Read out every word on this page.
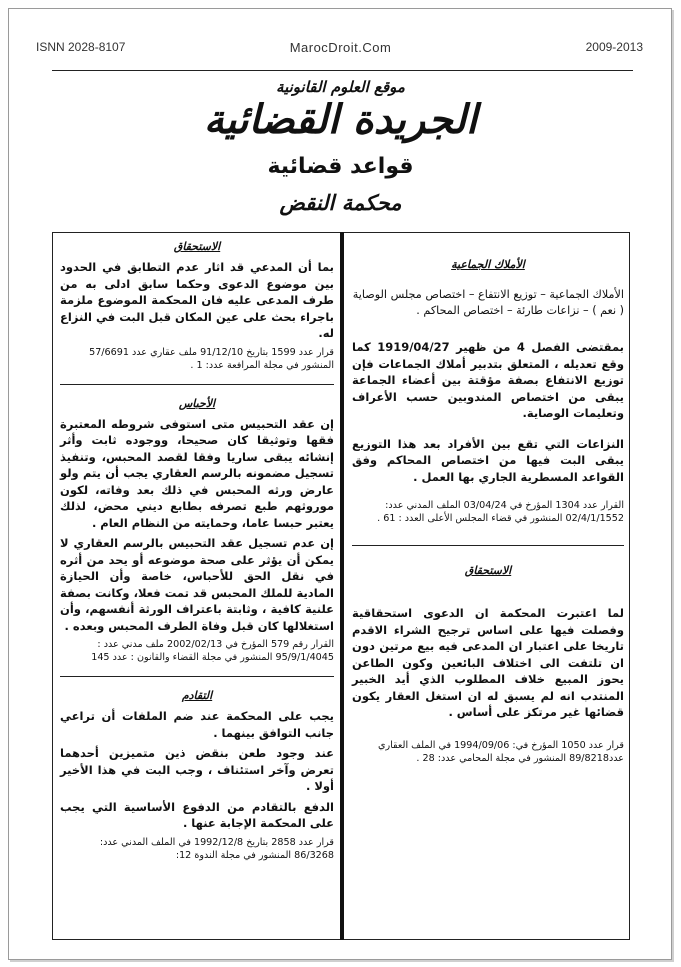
ISNN 2028-8107	MarocDroit.Com	2009-2013
موقع العلوم القانونية
الجريدة القضائية
قواعد قضائية
محكمة النقض
الأملاك الجماعية

الأملاك الجماعية – توزيع الانتفاع – اختصاص مجلس الوصاية ( نعم ) – نزاعات طارئة – اختصاص المحاكم .

بمقتضى الفصل 4 من ظهير 1919/04/27 كما وقع تعديله ، المتعلق بتدبير أملاك الجماعات فإن توزيع الانتفاع بصفة مؤقتة بين أعضاء الجماعة يبقى من اختصاص المندوبين حسب الأعراف وتعليمات الوصاية.

النزاعات التي تقع بين الأفراد بعد هذا التوزيع يبقى البت فيها من اختصاص المحاكم وفق القواعد المسطرية الجاري بها العمل .

القرار عدد 1304 المؤرخ في 03/04/24 الملف المدني عدد:

02/4/1/1552 المنشور في قضاء المجلس الأعلى العدد : 61 .

الاستحقاق

لما اعتبرت المحكمة ان الدعوى استحقاقية وفصلت فيها على اساس ترجيح الشراء الاقدم تاريخا على اعتبار ان المدعى فيه بيع مرتين دون ان تلتفت الى اختلاف البائعين وكون الطاعن يحوز المبيع خلاف المطلوب الذي أيد الخبير المنتدب انه لم يسبق له ان استغل العقار يكون قضائها غير مرتكز على أساس .

قرار عدد 1050 المؤرخ في: 1994/09/06 في الملف العقاري

عدد89/8218 المنشور في مجلة المحامي عدد: 28 .

الاستحقاق

بما أن المدعي قد اثار عدم التطابق في الحدود بين موضوع الدعوى وحكما سابق ادلى به من طرف المدعى عليه فان المحكمة الموضوع ملزمة باجراء بحث على عين المكان قبل البت في النزاع له.

قرار عدد 1599 بتاريخ 91/12/10 ملف عقاري عدد 57/6691

المنشور في مجلة المرافعة عدد: 1 .

الأحباس

إن عقد التحبيس متى استوفى شروطه المعتبرة فقها وتوثيقا كان صحيحا، ووجوده ثابت وأثر إنشائه يبقى ساريا وفقا لقصد المحبس، وتنفيذ تسجيل مضمونه بالرسم العقاري يجب أن يتم ولو عارض ورثه المحبس في ذلك بعد وفاته، لكون موروثهم طبع تصرفه بطابع ديني محض، لذلك يعتبر حبسا عاما، وحمايته من النظام العام .

إن عدم تسجيل عقد التحبيس بالرسم العقاري لا يمكن أن يؤثر على صحة موضوعه أو يحد من أثره في نقل الحق للأحباس، خاصة وأن الحيازة المادية للملك المحبس قد تمت فعلا، وكانت بصفة علنية كافية ، وثابتة باعتراف الورثة أنفسهم، وأن استغلالها كان قبل وفاة الطرف المحبس وبعده .

القرار رقم 579 المؤرخ في 2002/02/13 ملف مدني عدد :

95/9/1/4045 المنشور في مجلة القضاء والقانون : عدد 145

التقادم

يجب على المحكمة عند ضم الملفات أن تراعي جانب التوافق بينهما .

عند وجود طعن بنقض ذين متميزين أحدهما تعرض وآخر استئناف ، وجب البت في هذا الأخير أولا .

الدفع بالتقادم من الدفوع الأساسية التي يجب على المحكمة الإجابة عنها .

قرار عدد 2858 بتاريخ 1992/12/8 في الملف المدني عدد:

86/3268 المنشور في مجلة الندوة 12:
